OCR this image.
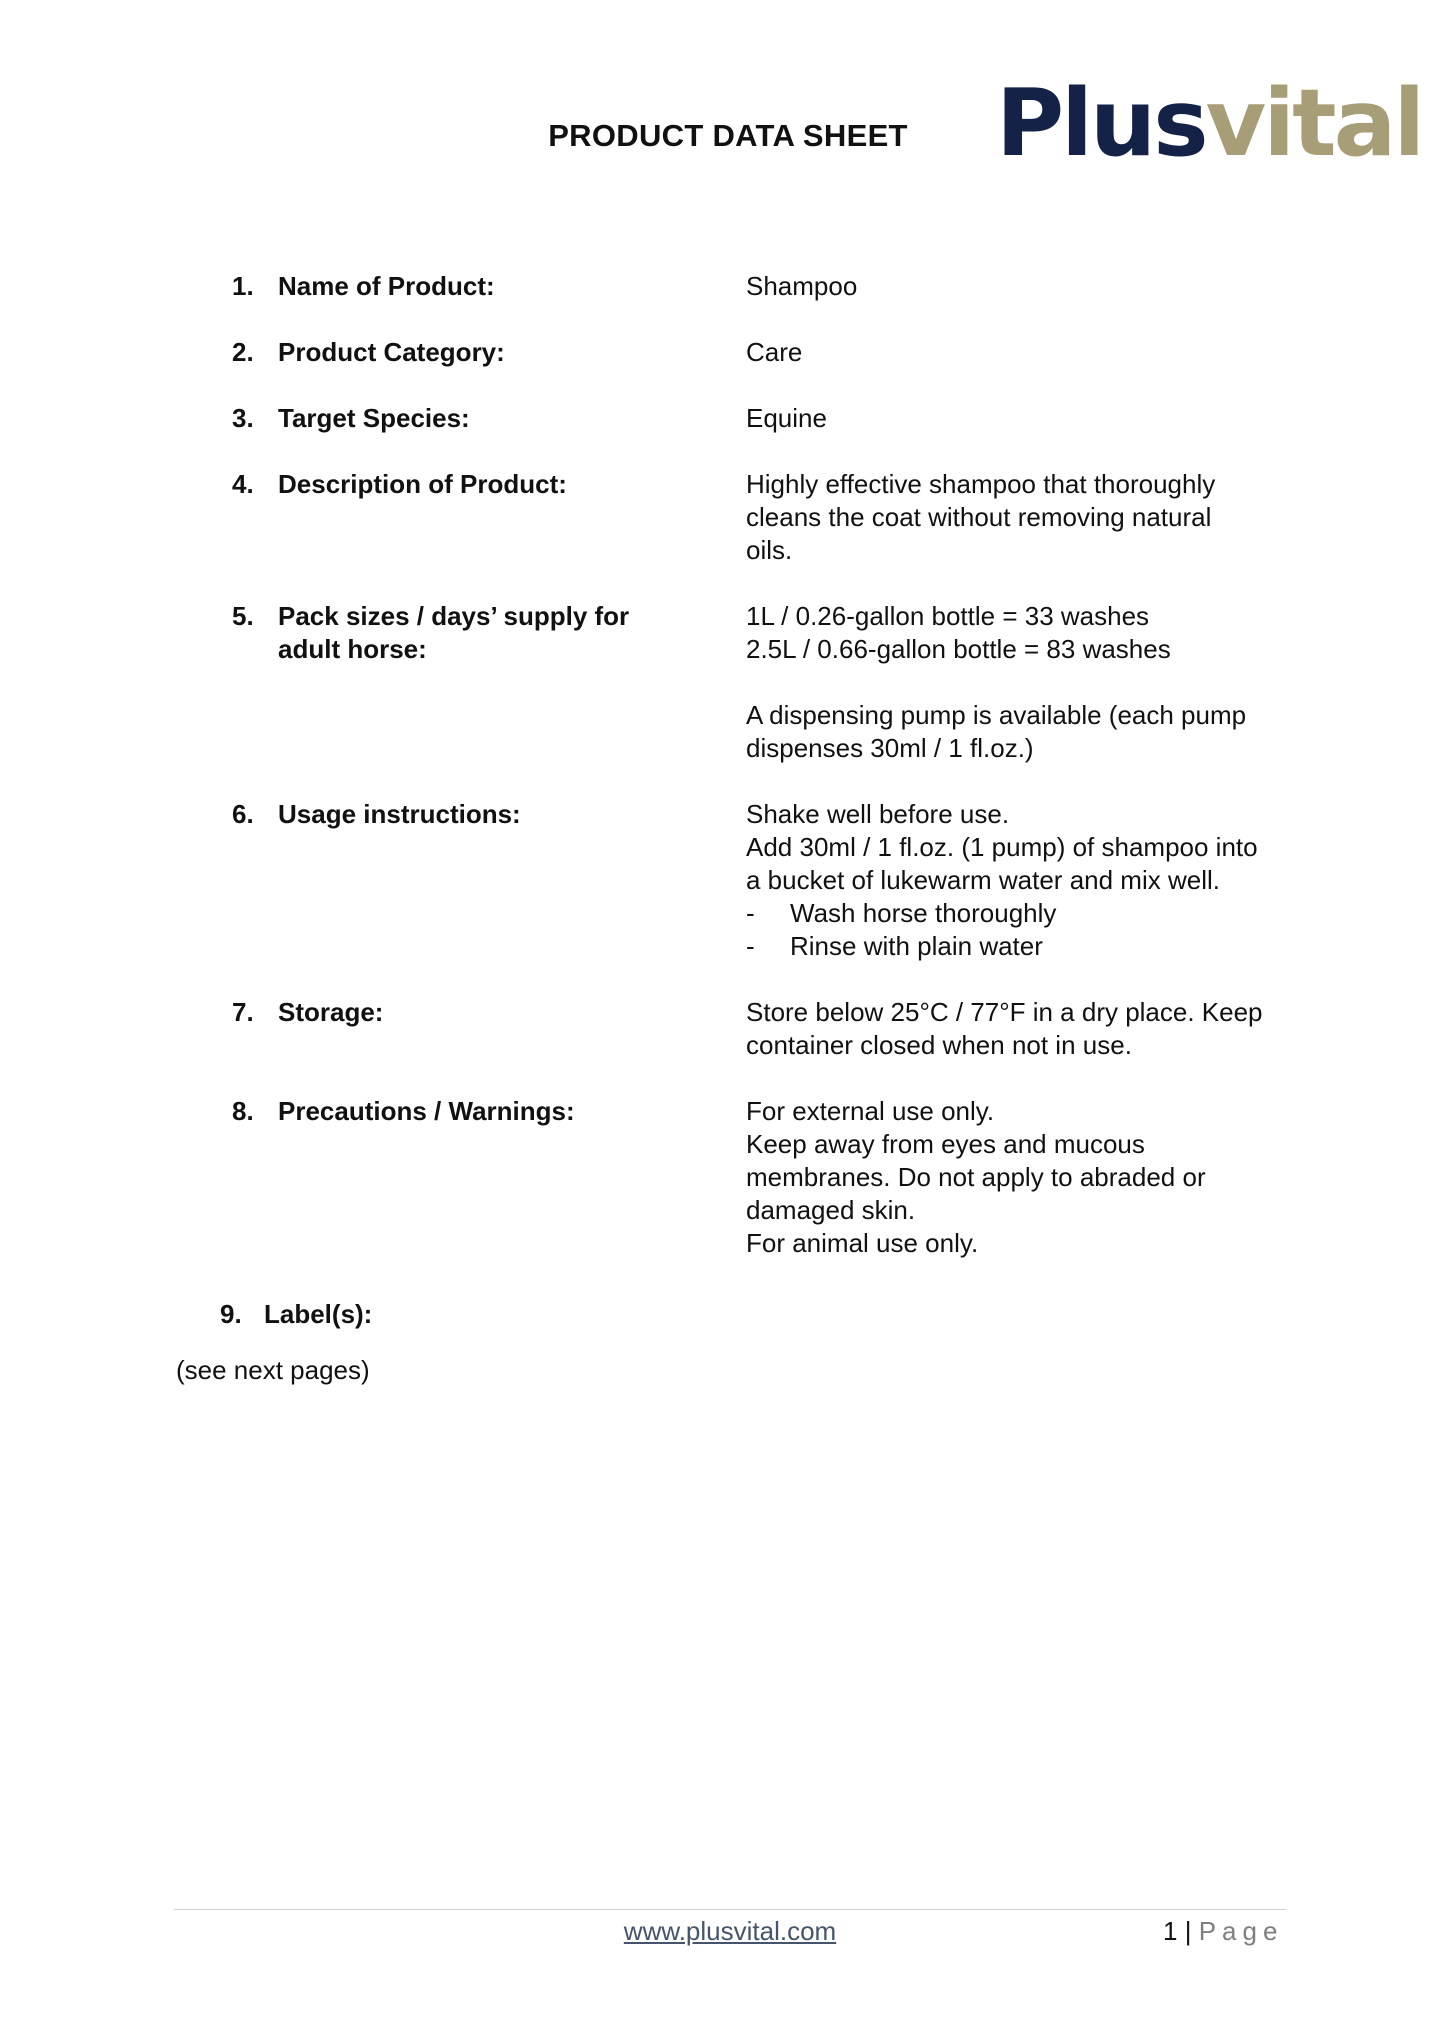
PRODUCT DATA SHEET Plus vital
1. Name of Product:	Shampoo
2. Product Category:	Care
3. Target Species:	Equine
4. Description of Product:	Highly effective shampoo that thoroughly cleans the coat without removing natural oils.
5. Pack sizes / days’ supply for adult horse:

1L / 0.26-gallon bottle = 33 washes

2.5L / 0.66-gallon bottle = 83 washes

A dispensing pump is available (each pump dispenses 30ml / 1 fl.oz.)

6. Usage instructions:	Shake well before use.

Add 30ml / 1 fl.oz. (1 pump) of shampoo into a bucket of lukewarm water and mix well.

-	Wash horse thoroughly
-	Rinse with plain water
7. Storage:	Store below 25°C / 77°F in a dry place. Keep container closed when not in use.
8. Precautions / Warnings:	For external use only.

Keep away from eyes and mucous membranes. Do not apply to abraded or damaged skin.

For animal use only.

9. Label(s):
(see next pages)
www.plusvital.com	1 | Page
